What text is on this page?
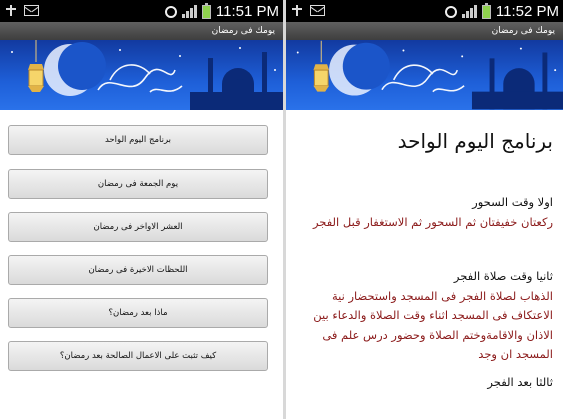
11:51 PM
يومك فى رمضان
برنامج اليوم الواحد
يوم الجمعة فى رمضان
العشر الاواخر فى رمضان
اللحظات الاخيرة فى رمضان
ماذا بعد رمضان؟
كيف تثبت على الاعمال الصالحة بعد رمضان؟
11:52 PM
يومك فى رمضان
برنامج اليوم الواحد
اولا وقت السحور
ركعتان خفيفتان ثم السحور ثم الاستغفار قبل الفجر
ثانيا وقت صلاة الفجر
الذهاب لصلاة الفجر فى المسجد واستحضار نية الاعتكاف فى المسجد اثناء وقت الصلاة والدعاء بين الاذان والاقامةوختم الصلاة وحضور درس علم فى المسجد ان وجد
ثالثا بعد الفجر
